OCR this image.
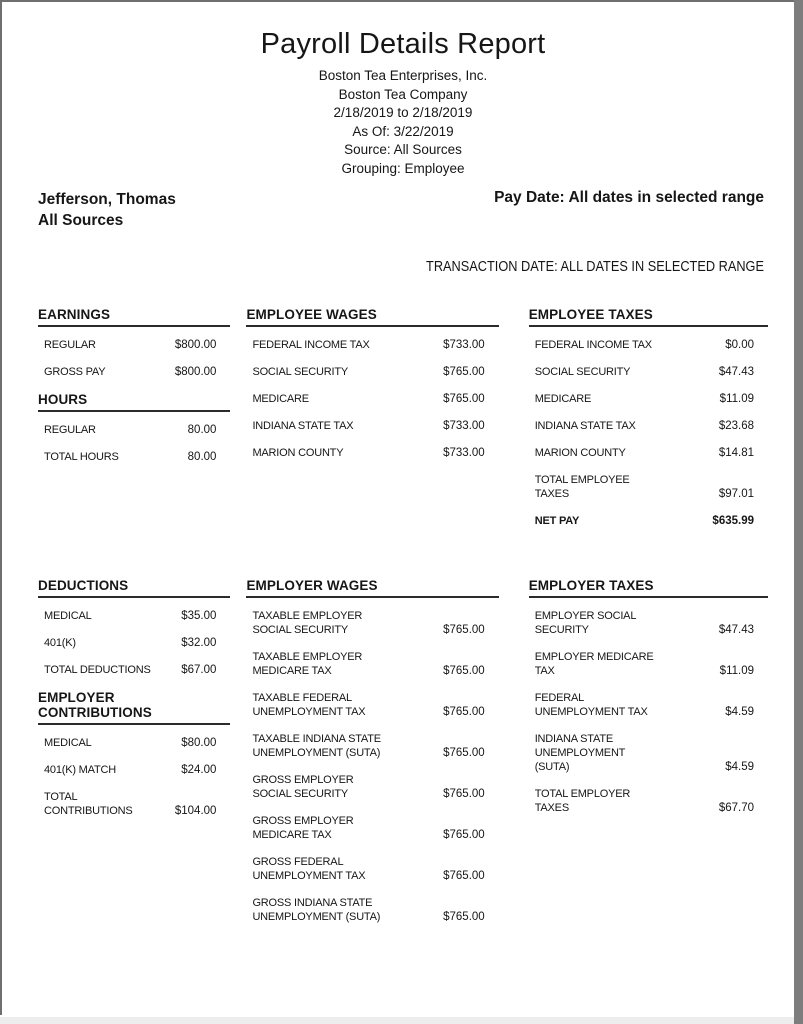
Payroll Details Report
Boston Tea Enterprises, Inc.
Boston Tea Company
2/18/2019 to 2/18/2019
As Of: 3/22/2019
Source: All Sources
Grouping: Employee
Jefferson, Thomas
All Sources
Pay Date: All dates in selected range
TRANSACTION DATE: ALL DATES IN SELECTED RANGE
EARNINGS
REGULAR	$800.00
GROSS PAY	$800.00
HOURS
REGULAR	80.00
TOTAL HOURS	80.00
EMPLOYEE WAGES
FEDERAL INCOME TAX	$733.00
SOCIAL SECURITY	$765.00
MEDICARE	$765.00
INDIANA STATE TAX	$733.00
MARION COUNTY	$733.00
EMPLOYEE TAXES
FEDERAL INCOME TAX	$0.00
SOCIAL SECURITY	$47.43
MEDICARE	$11.09
INDIANA STATE TAX	$23.68
MARION COUNTY	$14.81
TOTAL EMPLOYEE
TAXES	$97.01
NET PAY	$635.99
DEDUCTIONS
MEDICAL	$35.00
401(K)	$32.00
TOTAL DEDUCTIONS	$67.00
EMPLOYER CONTRIBUTIONS
MEDICAL	$80.00
401(K) MATCH	$24.00
TOTAL
CONTRIBUTIONS	$104.00
EMPLOYER WAGES
TAXABLE EMPLOYER
SOCIAL SECURITY	$765.00
TAXABLE EMPLOYER
MEDICARE TAX	$765.00
TAXABLE FEDERAL
UNEMPLOYMENT TAX	$765.00
TAXABLE INDIANA STATE
UNEMPLOYMENT (SUTA)	$765.00
GROSS EMPLOYER
SOCIAL SECURITY	$765.00
GROSS EMPLOYER
MEDICARE TAX	$765.00
GROSS FEDERAL
UNEMPLOYMENT TAX	$765.00
GROSS INDIANA STATE
UNEMPLOYMENT (SUTA)	$765.00
EMPLOYER TAXES
EMPLOYER SOCIAL
SECURITY	$47.43
EMPLOYER MEDICARE
TAX	$11.09
FEDERAL
UNEMPLOYMENT TAX	$4.59
INDIANA STATE
UNEMPLOYMENT
(SUTA)	$4.59
TOTAL EMPLOYER
TAXES	$67.70
